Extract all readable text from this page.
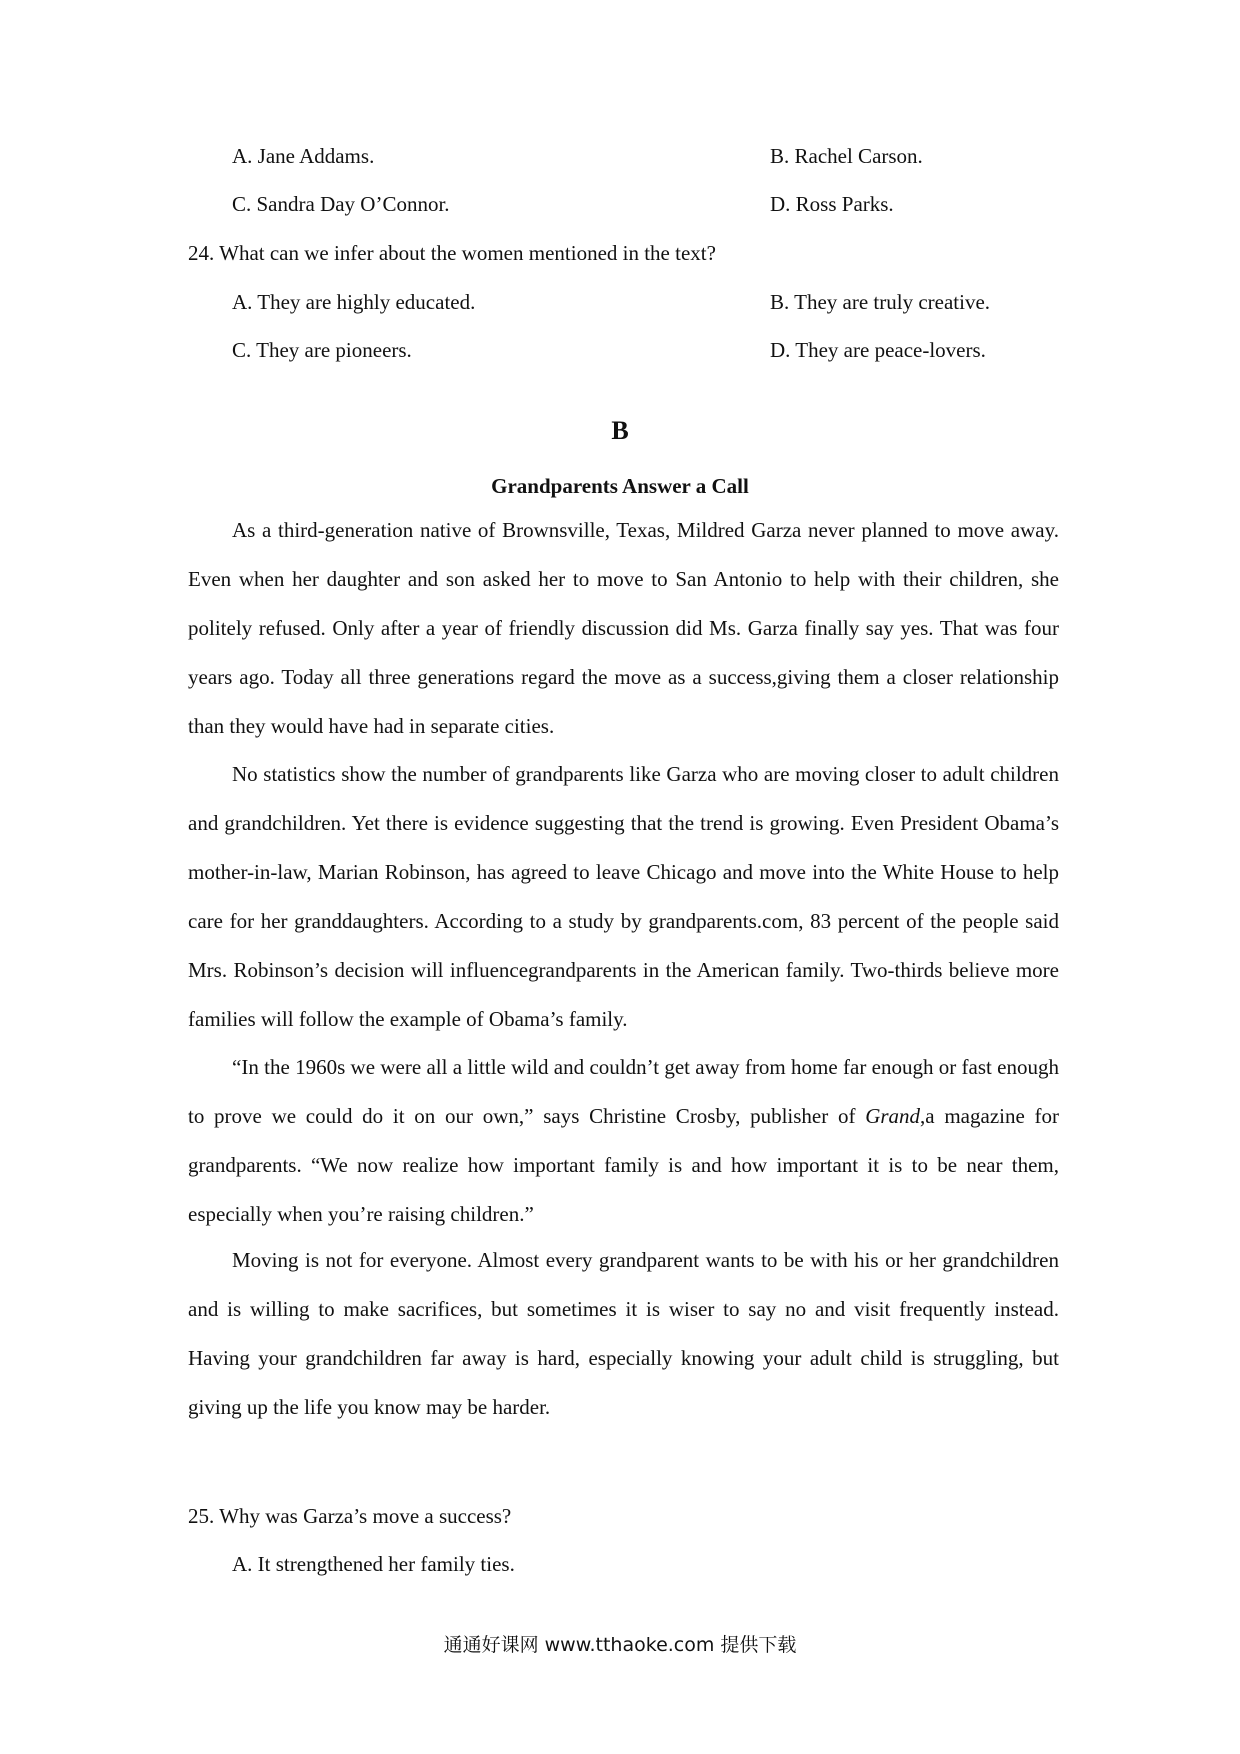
A. Jane Addams.	B. Rachel Carson.
C. Sandra Day O’Connor.	D. Ross Parks.
24. What can we infer about the women mentioned in the text?
A. They are highly educated.	B. They are truly creative.
C. They are pioneers.	D. They are peace-lovers.
B
Grandparents Answer a Call

As a third-generation native of Brownsville, Texas, Mildred Garza never planned to move away. Even when her daughter and son asked her to move to San Antonio to help with their children, she politely refused. Only after a year of friendly discussion did Ms. Garza finally say yes. That was four years ago. Today all three generations regard the move as a success,giving them a closer relationship than they would have had in separate cities.

No statistics show the number of grandparents like Garza who are moving closer to adult children and grandchildren. Yet there is evidence suggesting that the trend is growing. Even President Obama’s mother-in-law, Marian Robinson, has agreed to leave Chicago and move into the White House to help care for her granddaughters. According to a study by grandparents.com, 83 percent of the people said Mrs. Robinson’s decision will influencegrandparents in the American family. Two-thirds believe more families will follow the example of Obama’s family.

“In the 1960s we were all a little wild and couldn’t get away from home far enough or fast enough to prove we could do it on our own,” says Christine Crosby, publisher of Grand,a magazine for grandparents. “We now realize how important family is and how important it is to be near them, especially when you’re raising children.”

Moving is not for everyone. Almost every grandparent wants to be with his or her grandchildren and is willing to make sacrifices, but sometimes it is wiser to say no and visit frequently instead. Having your grandchildren far away is hard, especially knowing your adult child is struggling, but giving up the life you know may be harder.

25. Why was Garza’s move a success?
A. It strengthened her family ties.
通通好课网 www.tthaoke.com 提供下载
